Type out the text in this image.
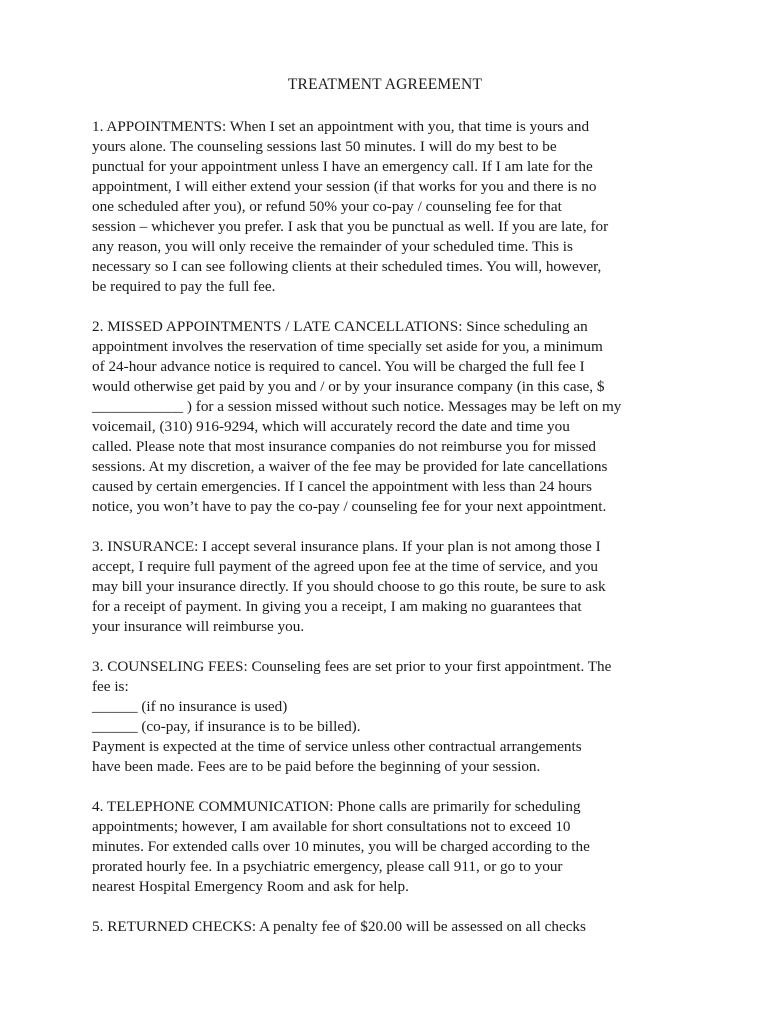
TREATMENT AGREEMENT
1. APPOINTMENTS: When I set an appointment with you, that time is yours and
yours alone. The counseling sessions last 50 minutes. I will do my best to be
punctual for your appointment unless I have an emergency call. If I am late for the
appointment, I will either extend your session (if that works for you and there is no
one scheduled after you), or refund 50% your co-pay / counseling fee for that
session – whichever you prefer. I ask that you be punctual as well. If you are late, for
any reason, you will only receive the remainder of your scheduled time. This is
necessary so I can see following clients at their scheduled times. You will, however,
be required to pay the full fee.
2. MISSED APPOINTMENTS / LATE CANCELLATIONS: Since scheduling an
appointment involves the reservation of time specially set aside for you, a minimum
of 24-hour advance notice is required to cancel. You will be charged the full fee I
would otherwise get paid by you and / or by your insurance company (in this case, $
____________ ) for a session missed without such notice. Messages may be left on my
voicemail, (310) 916-9294, which will accurately record the date and time you
called. Please note that most insurance companies do not reimburse you for missed
sessions. At my discretion, a waiver of the fee may be provided for late cancellations
caused by certain emergencies. If I cancel the appointment with less than 24 hours
notice, you won’t have to pay the co-pay / counseling fee for your next appointment.
3. INSURANCE: I accept several insurance plans. If your plan is not among those I
accept, I require full payment of the agreed upon fee at the time of service, and you
may bill your insurance directly. If you should choose to go this route, be sure to ask
for a receipt of payment. In giving you a receipt, I am making no guarantees that
your insurance will reimburse you.
3. COUNSELING FEES: Counseling fees are set prior to your first appointment. The
fee is:
______ (if no insurance is used)
______ (co-pay, if insurance is to be billed).
Payment is expected at the time of service unless other contractual arrangements
have been made. Fees are to be paid before the beginning of your session.
4. TELEPHONE COMMUNICATION: Phone calls are primarily for scheduling
appointments; however, I am available for short consultations not to exceed 10
minutes. For extended calls over 10 minutes, you will be charged according to the
prorated hourly fee. In a psychiatric emergency, please call 911, or go to your
nearest Hospital Emergency Room and ask for help.
5. RETURNED CHECKS: A penalty fee of $20.00 will be assessed on all checks
